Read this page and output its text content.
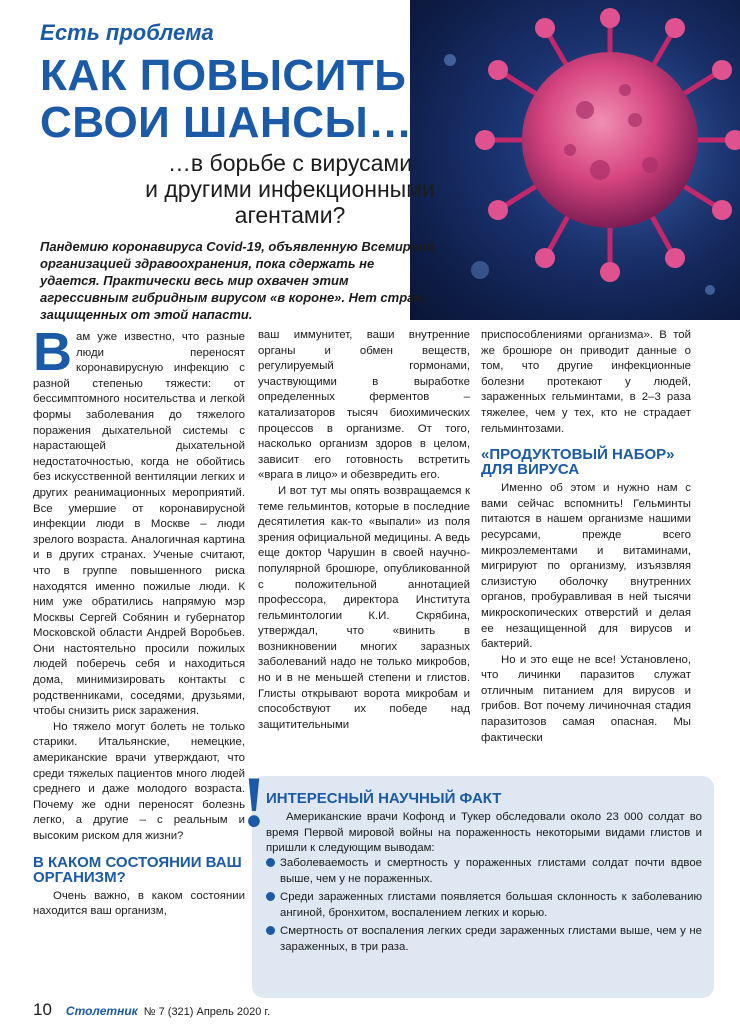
Есть проблема
КАК ПОВЫСИТЬ
СВОИ ШАНСЫ…
…в борьбе с вирусами
и другими инфекционными
агентами?
Пандемию коронавируса Covid-19, объявленную Всемирной организацией здравоохранения, пока сдержать не удается. Практически весь мир охвачен этим агрессивным гибридным вирусом «в короне». Нет стран, защищенных от этой напасти.
В ам уже известно, что разные люди переносят коронавирусную инфекцию с разной степенью тяжести: от бессимптомного носительства и легкой формы заболевания до тяжелого поражения дыхательной системы с нарастающей дыхательной недостаточностью, когда не обойтись без искусственной вентиляции легких и других реанимационных мероприятий. Все умершие от коронавирусной инфекции люди в Москве – люди зрелого возраста. Аналогичная картина и в других странах. Ученые считают, что в группе повышенного риска находятся именно пожилые люди. К ним уже обратились напрямую мэр Москвы Сергей Собянин и губернатор Московской области Андрей Воробьев. Они настоятельно просили пожилых людей поберечь себя и находиться дома, минимизировать контакты с родственниками, соседями, друзьями, чтобы снизить риск заражения.

Но тяжело могут болеть не только старики. Итальянские, немецкие, американские врачи утверждают, что среди тяжелых пациентов много людей среднего и даже молодого возраста. Почему же одни переносят болезнь легко, а другие – с реальным и высоким риском для жизни?

В КАКОМ СОСТОЯНИИ ВАШ ОРГАНИЗМ?

Очень важно, в каком состоянии находится ваш организм,

ваш иммунитет, ваши внутренние органы и обмен веществ, регулируемый гормонами, участвующими в выработке определенных ферментов – катализаторов тысяч биохимических процессов в организме. От того, насколько организм здоров в целом, зависит его готовность встретить «врага в лицо» и обезвредить его.

И вот тут мы опять возвращаемся к теме гельминтов, которые в последние десятилетия как-то «выпали» из поля зрения официальной медицины. А ведь еще доктор Чарушин в своей научно-популярной брошюре, опубликованной с положительной аннотацией профессора, директора Института гельминтологии К.И. Скрябина, утверждал, что «винить в возникновении многих заразных заболеваний надо не только микробов, но и в не меньшей степени и глистов. Глисты открывают ворота микробам и способствуют их победе над защитительными

приспособлениями организма». В той же брошюре он приводит данные о том, что другие инфекционные болезни протекают у людей, зараженных гельминтами, в 2–3 раза тяжелее, чем у тех, кто не страдает гельминтозами.

«ПРОДУКТОВЫЙ НАБОР» ДЛЯ ВИРУСА

Именно об этом и нужно нам с вами сейчас вспомнить! Гельминты питаются в нашем организме нашими ресурсами, прежде всего микроэлементами и витаминами, мигрируют по организму, изъязвляя слизистую оболочку внутренних органов, пробуравливая в ней тысячи микроскопических отверстий и делая ее незащищенной для вирусов и бактерий.

Но и это еще не все! Установлено, что личинки паразитов служат отличным питанием для вирусов и грибов. Вот почему личиночная стадия паразитозов самая опасная. Мы фактически

ИНТЕРЕСНЫЙ НАУЧНЫЙ ФАКТ
Американские врачи Кофонд и Тукер обследовали около 23 000 солдат во время Первой мировой войны на пораженность некоторыми видами глистов и пришли к следующим выводам:
Заболеваемость и смертность у пораженных глистами солдат почти вдвое выше, чем у не пораженных.
Среди зараженных глистами появляется большая склонность к заболеванию ангиной, бронхитом, воспалением легких и корью.
Смертность от воспаления легких среди зараженных глистами выше, чем у не зараженных, в три раза.
!
10 Столетник № 7 (321) Апрель 2020 г.
